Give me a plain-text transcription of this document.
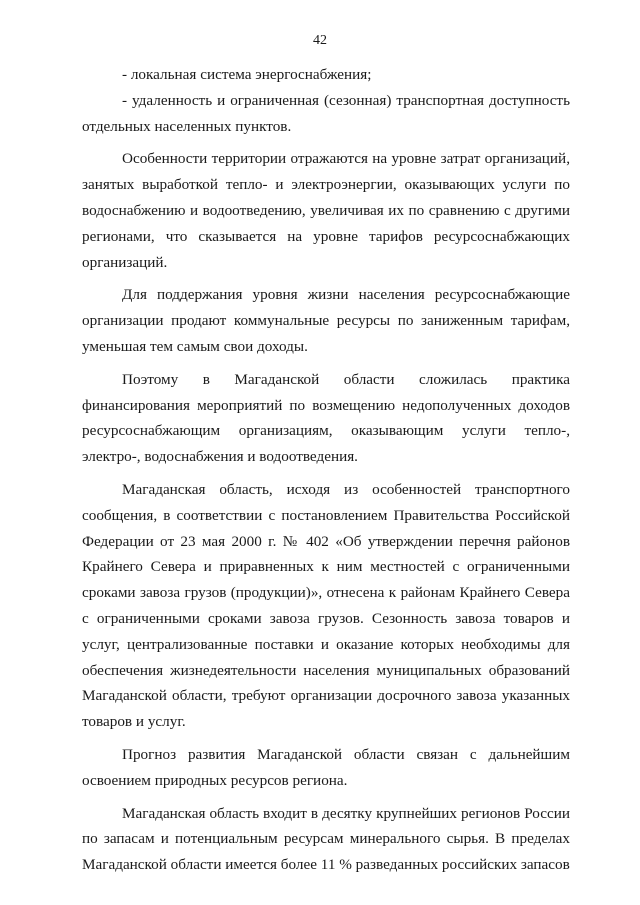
42

- локальная система энергоснабжения;

- удаленность и ограниченная (сезонная) транспортная доступность отдельных населенных пунктов.

Особенности территории отражаются на уровне затрат организаций, занятых выработкой тепло- и электроэнергии, оказывающих услуги по водоснабжению и водоотведению, увеличивая их по сравнению с другими регионами, что сказывается на уровне тарифов ресурсоснабжающих организаций.

Для поддержания уровня жизни населения ресурсоснабжающие организации продают коммунальные ресурсы по заниженным тарифам, уменьшая тем самым свои доходы.

Поэтому в Магаданской области сложилась практика финансирования мероприятий по возмещению недополученных доходов ресурсоснабжающим организациям, оказывающим услуги тепло-, электро-, водоснабжения и водоотведения.

Магаданская область, исходя из особенностей транспортного сообщения, в соответствии с постановлением Правительства Российской Федерации от 23 мая 2000 г. № 402 «Об утверждении перечня районов Крайнего Севера и приравненных к ним местностей с ограниченными сроками завоза грузов (продукции)», отнесена к районам Крайнего Севера с ограниченными сроками завоза грузов. Сезонность завоза товаров и услуг, централизованные поставки и оказание которых необходимы для обеспечения жизнедеятельности населения муниципальных образований Магаданской области, требуют организации досрочного завоза указанных товаров и услуг.

Прогноз развития Магаданской области связан с дальнейшим освоением природных ресурсов региона.

Магаданская область входит в десятку крупнейших регионов России по запасам и потенциальным ресурсам минерального сырья. В пределах Магаданской области имеется более 11 % разведанных российских запасов
